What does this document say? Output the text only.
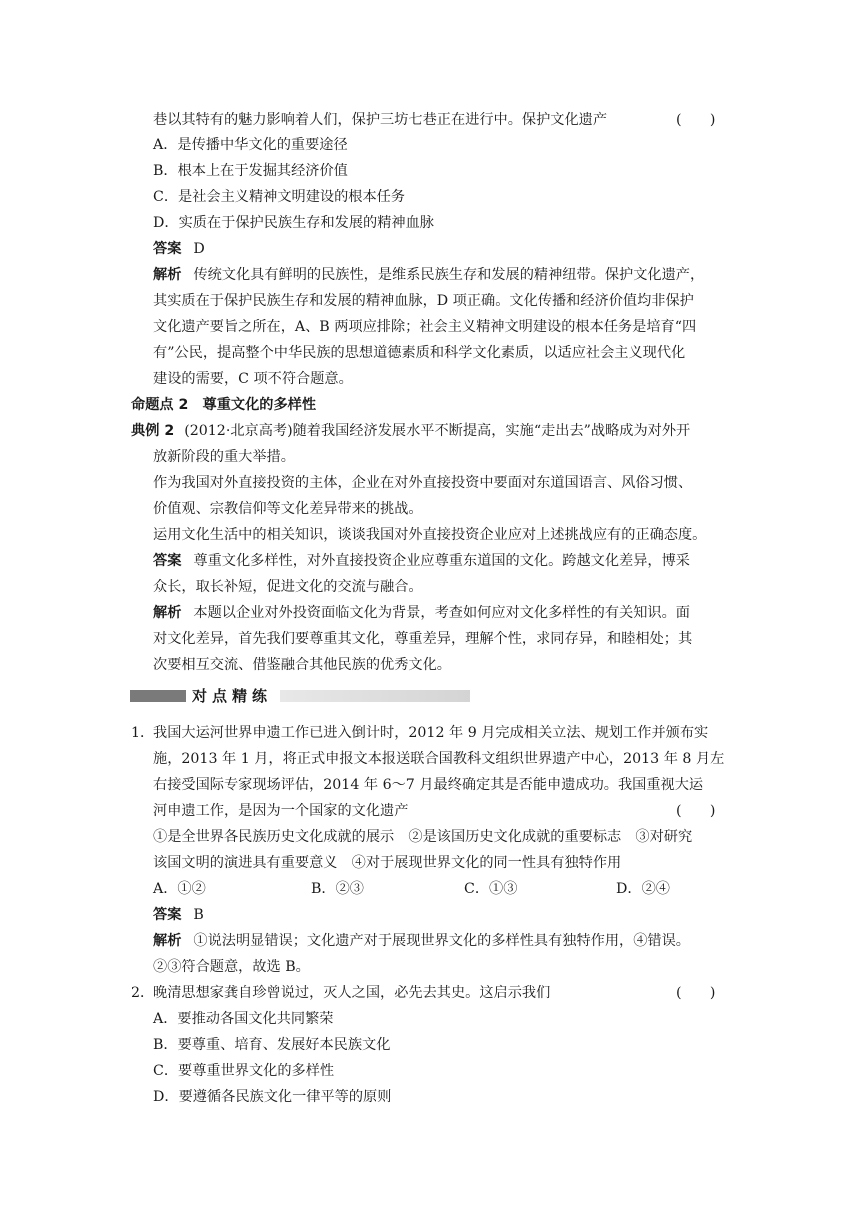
巷以其特有的魅力影响着人们，保护三坊七巷正在进行中。保护文化遗产	(　　)
A．是传播中华文化的重要途径
B．根本上在于发掘其经济价值
C．是社会主义精神文明建设的根本任务
D．实质在于保护民族生存和发展的精神血脉
答案 D
解析 传统文化具有鲜明的民族性，是维系民族生存和发展的精神纽带。保护文化遗产，
其实质在于保护民族生存和发展的精神血脉，D 项正确。文化传播和经济价值均非保护
文化遗产要旨之所在，A、B 两项应排除；社会主义精神文明建设的根本任务是培育“四
有”公民，提高整个中华民族的思想道德素质和科学文化素质，以适应社会主义现代化
建设的需要，C 项不符合题意。
命题点 2　尊重文化的多样性
典例 2 (2012·北京高考)随着我国经济发展水平不断提高，实施“走出去”战略成为对外开
放新阶段的重大举措。
作为我国对外直接投资的主体，企业在对外直接投资中要面对东道国语言、风俗习惯、
价值观、宗教信仰等文化差异带来的挑战。
运用文化生活中的相关知识，谈谈我国对外直接投资企业应对上述挑战应有的正确态度。
答案 尊重文化多样性，对外直接投资企业应尊重东道国的文化。跨越文化差异，博采
众长，取长补短，促进文化的交流与融合。
解析 本题以企业对外投资面临文化为背景，考查如何应对文化多样性的有关知识。面
对文化差异，首先我们要尊重其文化，尊重差异，理解个性，求同存异，和睦相处；其
次要相互交流、借鉴融合其他民族的优秀文化。
对点精练
1．
我国大运河世界申遗工作已进入倒计时，2012 年 9 月完成相关立法、规划工作并颁布实
施，2013 年 1 月，将正式申报文本报送联合国教科文组织世界遗产中心，2013 年 8 月左
右接受国际专家现场评估，2014 年 6～7 月最终确定其是否能申遗成功。我国重视大运
河申遗工作，是因为一个国家的文化遗产	(　　)
①是全世界各民族历史文化成就的展示　②是该国历史文化成就的重要标志　③对研究
该国文明的演进具有重要意义　④对于展现世界文化的同一性具有独特作用
A．①②	B．②③	C．①③	D．②④
答案 B
解析 ①说法明显错误；文化遗产对于展现世界文化的多样性具有独特作用，④错误。
②③符合题意，故选 B。
2．
晚清思想家龚自珍曾说过，灭人之国，必先去其史。这启示我们	(　　)
A．要推动各国文化共同繁荣
B．要尊重、培育、发展好本民族文化
C．要尊重世界文化的多样性
D．要遵循各民族文化一律平等的原则
